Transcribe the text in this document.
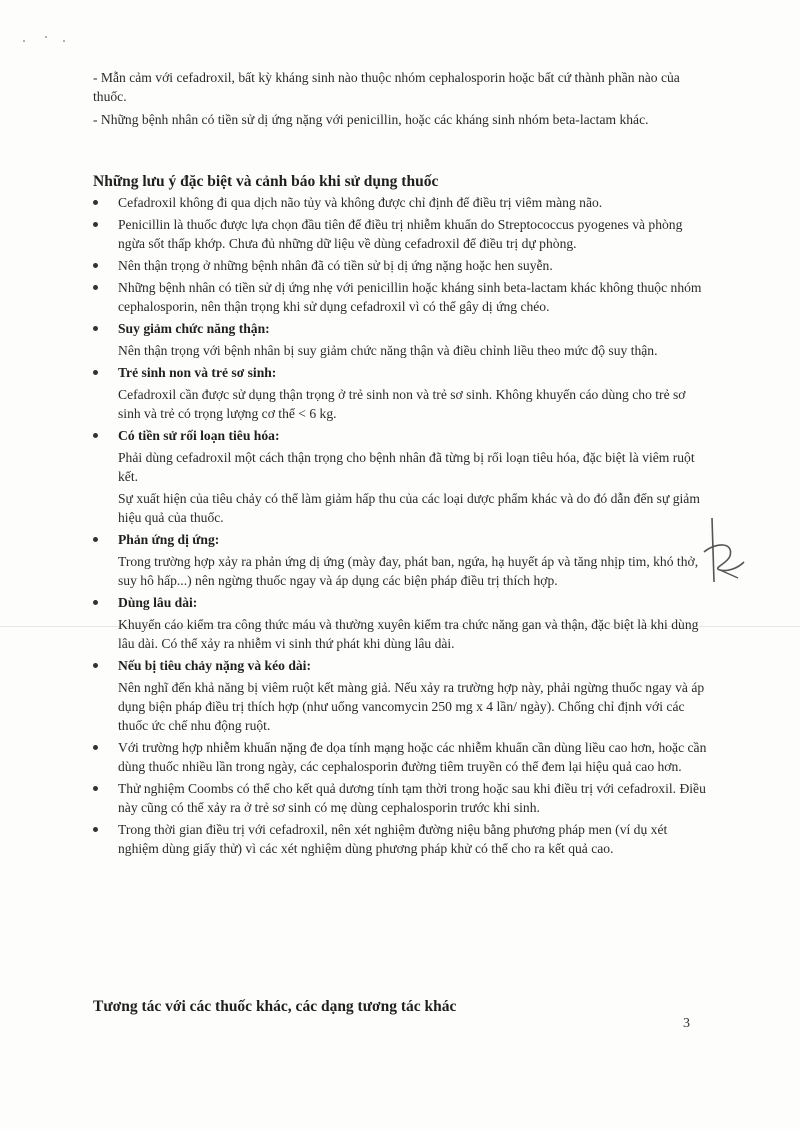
- Mẫn cảm với cefadroxil, bất kỳ kháng sinh nào thuộc nhóm cephalosporin hoặc bất cứ thành phần nào của thuốc.

- Những bệnh nhân có tiền sử dị ứng nặng với penicillin, hoặc các kháng sinh nhóm beta-lactam khác.

Những lưu ý đặc biệt và cảnh báo khi sử dụng thuốc
Cefadroxil không đi qua dịch não tủy và không được chỉ định để điều trị viêm màng não.
Penicillin là thuốc được lựa chọn đầu tiên để điều trị nhiễm khuẩn do Streptococcus pyogenes và phòng ngừa sốt thấp khớp. Chưa đủ những dữ liệu về dùng cefadroxil để điều trị dự phòng.
Nên thận trọng ở những bệnh nhân đã có tiền sử bị dị ứng nặng hoặc hen suyễn.
Những bệnh nhân có tiền sử dị ứng nhẹ với penicillin hoặc kháng sinh beta-lactam khác không thuộc nhóm cephalosporin, nên thận trọng khi sử dụng cefadroxil vì có thể gây dị ứng chéo.
Suy giảm chức năng thận:
Nên thận trọng với bệnh nhân bị suy giảm chức năng thận và điều chỉnh liều theo mức độ suy thận.
Trẻ sinh non và trẻ sơ sinh:
Cefadroxil cần được sử dụng thận trọng ở trẻ sinh non và trẻ sơ sinh. Không khuyến cáo dùng cho trẻ sơ sinh và trẻ có trọng lượng cơ thể < 6 kg.
Có tiền sử rối loạn tiêu hóa:
Phải dùng cefadroxil một cách thận trọng cho bệnh nhân đã từng bị rối loạn tiêu hóa, đặc biệt là viêm ruột kết.
Sự xuất hiện của tiêu chảy có thể làm giảm hấp thu của các loại dược phẩm khác và do đó dẫn đến sự giảm hiệu quả của thuốc.
Phản ứng dị ứng:
Trong trường hợp xảy ra phản ứng dị ứng (mày đay, phát ban, ngứa, hạ huyết áp và tăng nhịp tim, khó thở, suy hô hấp...) nên ngừng thuốc ngay và áp dụng các biện pháp điều trị thích hợp.
Dùng lâu dài:
Khuyến cáo kiểm tra công thức máu và thường xuyên kiểm tra chức năng gan và thận, đặc biệt là khi dùng lâu dài. Có thể xảy ra nhiễm vi sinh thứ phát khi dùng lâu dài.
Nếu bị tiêu chảy nặng và kéo dài:
Nên nghĩ đến khả năng bị viêm ruột kết màng giả. Nếu xảy ra trường hợp này, phải ngừng thuốc ngay và áp dụng biện pháp điều trị thích hợp (như uống vancomycin 250 mg x 4 lần/ ngày). Chống chỉ định với các thuốc ức chế nhu động ruột.
Với trường hợp nhiễm khuẩn nặng đe dọa tính mạng hoặc các nhiễm khuẩn cần dùng liều cao hơn, hoặc cần dùng thuốc nhiều lần trong ngày, các cephalosporin đường tiêm truyền có thể đem lại hiệu quả cao hơn.
Thử nghiệm Coombs có thể cho kết quả dương tính tạm thời trong hoặc sau khi điều trị với cefadroxil. Điều này cũng có thể xảy ra ở trẻ sơ sinh có mẹ dùng cephalosporin trước khi sinh.
Trong thời gian điều trị với cefadroxil, nên xét nghiệm đường niệu bằng phương pháp men (ví dụ xét nghiệm dùng giấy thử) vì các xét nghiệm dùng phương pháp khử có thể cho ra kết quả cao.
Tương tác với các thuốc khác, các dạng tương tác khác
3
